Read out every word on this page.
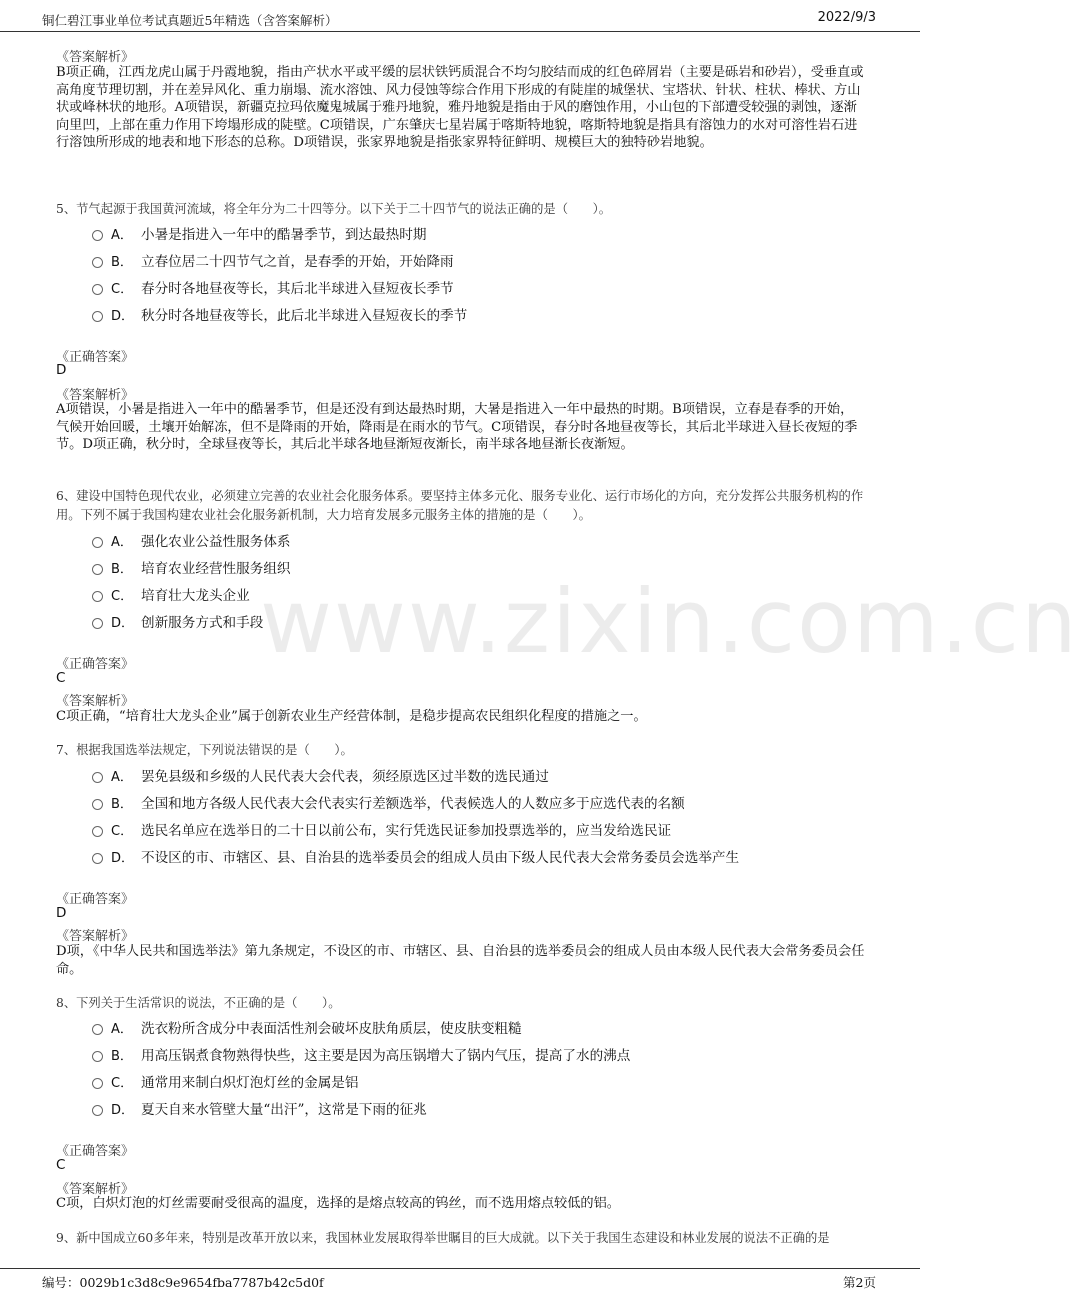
铜仁碧江事业单位考试真题近5年精选（含答案解析）	2022/9/3
www.zixin.com.cn
《答案解析》
B项正确，江西龙虎山属于丹霞地貌，指由产状水平或平缓的层状铁钙质混合不均匀胶结而成的红色碎屑岩（主要是砾岩和砂岩），受垂直或高角度节理切割，并在差异风化、重力崩塌、流水溶蚀、风力侵蚀等综合作用下形成的有陡崖的城堡状、宝塔状、针状、柱状、棒状、方山状或峰林状的地形。A项错误，新疆克拉玛依魔鬼城属于雅丹地貌，雅丹地貌是指由于风的磨蚀作用，小山包的下部遭受较强的剥蚀，逐渐向里凹，上部在重力作用下垮塌形成的陡壁。C项错误，广东肇庆七星岩属于喀斯特地貌，喀斯特地貌是指具有溶蚀力的水对可溶性岩石进行溶蚀所形成的地表和地下形态的总称。D项错误，张家界地貌是指张家界特征鲜明、规模巨大的独特砂岩地貌。
5、节气起源于我国黄河流域，将全年分为二十四等分。以下关于二十四节气的说法正确的是（　　）。
A． 小暑是指进入一年中的酷暑季节，到达最热时期
B． 立春位居二十四节气之首，是春季的开始，开始降雨
C． 春分时各地昼夜等长，其后北半球进入昼短夜长季节
D． 秋分时各地昼夜等长，此后北半球进入昼短夜长的季节
《正确答案》
D
《答案解析》
A项错误，小暑是指进入一年中的酷暑季节，但是还没有到达最热时期，大暑是指进入一年中最热的时期。B项错误，立春是春季的开始，气候开始回暖，土壤开始解冻，但不是降雨的开始，降雨是在雨水的节气。C项错误，春分时各地昼夜等长，其后北半球进入昼长夜短的季节。D项正确，秋分时，全球昼夜等长，其后北半球各地昼渐短夜渐长，南半球各地昼渐长夜渐短。
6、建设中国特色现代农业，必须建立完善的农业社会化服务体系。要坚持主体多元化、服务专业化、运行市场化的方向，充分发挥公共服务机构的作用。下列不属于我国构建农业社会化服务新机制，大力培育发展多元服务主体的措施的是（　　）。
A． 强化农业公益性服务体系
B． 培育农业经营性服务组织
C． 培育壮大龙头企业
D． 创新服务方式和手段
《正确答案》
C
《答案解析》
C项正确，“培育壮大龙头企业”属于创新农业生产经营体制，是稳步提高农民组织化程度的措施之一。
7、根据我国选举法规定，下列说法错误的是（　　）。
A． 罢免县级和乡级的人民代表大会代表，须经原选区过半数的选民通过
B． 全国和地方各级人民代表大会代表实行差额选举，代表候选人的人数应多于应选代表的名额
C． 选民名单应在选举日的二十日以前公布，实行凭选民证参加投票选举的，应当发给选民证
D． 不设区的市、市辖区、县、自治县的选举委员会的组成人员由下级人民代表大会常务委员会选举产生
《正确答案》
D
《答案解析》
D项，《中华人民共和国选举法》第九条规定，不设区的市、市辖区、县、自治县的选举委员会的组成人员由本级人民代表大会常务委员会任命。
8、下列关于生活常识的说法，不正确的是（　　）。
A． 洗衣粉所含成分中表面活性剂会破坏皮肤角质层，使皮肤变粗糙
B． 用高压锅煮食物熟得快些，这主要是因为高压锅增大了锅内气压，提高了水的沸点
C． 通常用来制白炽灯泡灯丝的金属是铝
D． 夏天自来水管壁大量“出汗”，这常是下雨的征兆
《正确答案》
C
《答案解析》
C项，白炽灯泡的灯丝需要耐受很高的温度，选择的是熔点较高的钨丝，而不选用熔点较低的铝。
9、新中国成立60多年来，特别是改革开放以来，我国林业发展取得举世瞩目的巨大成就。以下关于我国生态建设和林业发展的说法不正确的是
编号：0029b1c3d8c9e9654fba7787b42c5d0f	第2页
